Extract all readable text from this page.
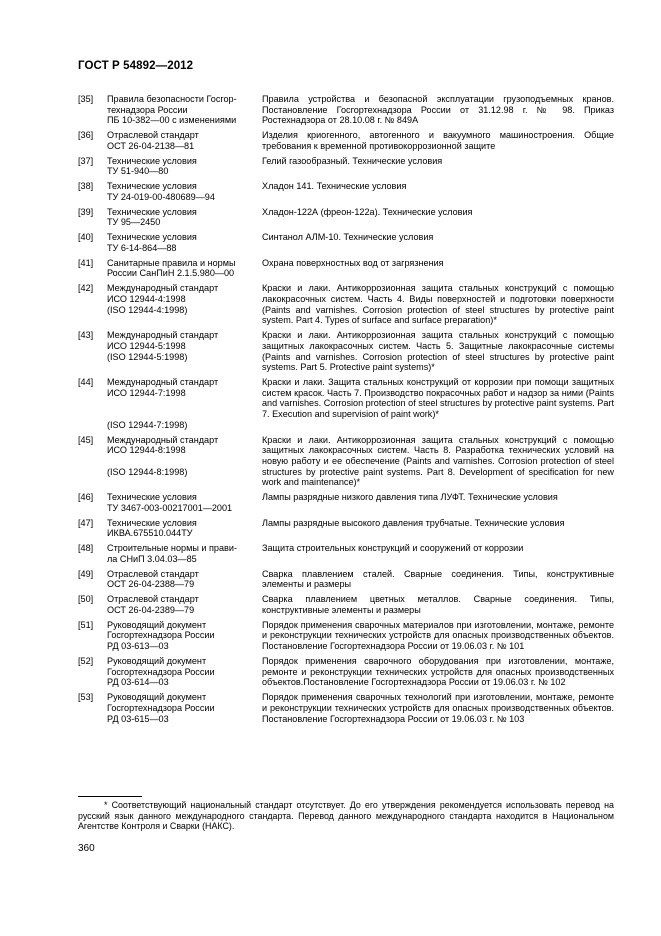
ГОСТ Р 54892—2012
[35]	Правила безопасности Госгор-
технадзора России
ПБ 10-382—00 с изменениями
Правила устройства и безопасной эксплуатации грузоподъемных кранов. Постановление Госгортехнадзора России от 31.12.98 г. № 98. Приказ Ростехнадзора от 28.10.08 г. № 849А
[36]	Отраслевой стандарт
ОСТ 26-04-2138—81
Изделия криогенного, автогенного и вакуумного машиностроения. Общие требования к временной противокоррозионной защите
[37]	Технические условия
ТУ 51-940—80
Гелий газообразный. Технические условия
[38]	Технические условия
ТУ 24-019-00-480689—94
Хладон 141. Технические условия
[39]	Технические условия
ТУ 95—2450
Хладон-122А (фреон-122а). Технические условия
[40]	Технические условия
ТУ 6-14-864—88
Синтанол АЛМ-10. Технические условия
[41]	Санитарные правила и нормы
России СанПиН 2.1.5.980—00
Охрана поверхностных вод от загрязнения
[42]	Международный стандарт
ИСО 12944-4:1998
(ISO 12944-4:1998)
Краски и лаки. Антикоррозионная защита стальных конструкций с помощью лакокрасочных систем. Часть 4. Виды поверхностей и подготовки поверхности (Paints and varnishes. Corrosion protection of steel structures by protective paint system. Part 4. Types of surface and surface preparation)*
[43]	Международный стандарт
ИСО 12944-5:1998
(ISO 12944-5:1998)
Краски и лаки. Антикоррозионная защита стальных конструкций с помощью защитных лакокрасочных систем. Часть 5. Защитные лакокрасочные системы (Paints and varnishes. Corrosion protection of steel structures by protective paint systems. Part 5. Protective paint systems)*
[44]	Международный стандарт
ИСО 12944-7:1998
(ISO 12944-7:1998)
Краски и лаки. Защита стальных конструкций от коррозии при помощи защитных систем красок. Часть 7. Производство покрасочных работ и надзор за ними (Paints and varnishes. Corrosion protection of steel structures by protective paint systems. Part 7. Execution and supervision of paint work)*
[45]	Международный стандарт
ИСО 12944-8:1998
(ISO 12944-8:1998)
Краски и лаки. Антикоррозионная защита стальных конструкций с помощью защитных лакокрасочных систем. Часть 8. Разработка технических условий на новую работу и ее обеспечение (Paints and varnishes. Corrosion protection of steel structures by protective paint systems. Part 8. Development of specification for new work and maintenance)*
[46]	Технические условия
ТУ 3467-003-00217001—2001
Лампы разрядные низкого давления типа ЛУФТ. Технические условия
[47]	Технические условия
ИКВА.675510.044ТУ
Лампы разрядные высокого давления трубчатые. Технические условия
[48]	Строительные нормы и прави-
ла СНиП 3.04.03—85
Защита строительных конструкций и сооружений от коррозии
[49]	Отраслевой стандарт
ОСТ 26-04-2388—79
Сварка плавлением сталей. Сварные соединения. Типы, конструктивные элементы и размеры
[50]	Отраслевой стандарт
ОСТ 26-04-2389—79
Сварка плавлением цветных металлов. Сварные соединения. Типы, конструктивные элементы и размеры
[51]	Руководящий документ
Госгортехнадзора России
РД 03-613—03
Порядок применения сварочных материалов при изготовлении, монтаже, ремонте и реконструкции технических устройств для опасных производственных объектов. Постановление Госгортехнадзора России от 19.06.03 г. № 101
[52]	Руководящий документ
Госгортехнадзора России
РД 03-614—03
Порядок применения сварочного оборудования при изготовлении, монтаже, ремонте и реконструкции технических устройств для опасных производственных объектов.Постановление Госгортехнадзора России от 19.06.03 г. № 102
[53]	Руководящий документ
Госгортехнадзора России
РД 03-615—03
Порядок применения сварочных технологий при изготовлении, монтаже, ремонте и реконструкции технических устройств для опасных производственных объектов. Постановление Госгортехнадзора России от 19.06.03 г. № 103
* Соответствующий национальный стандарт отсутствует. До его утверждения рекомендуется использовать перевод на русский язык данного международного стандарта. Перевод данного международного стандарта находится в Национальном Агентстве Контроля и Сварки (НАКС).
360
